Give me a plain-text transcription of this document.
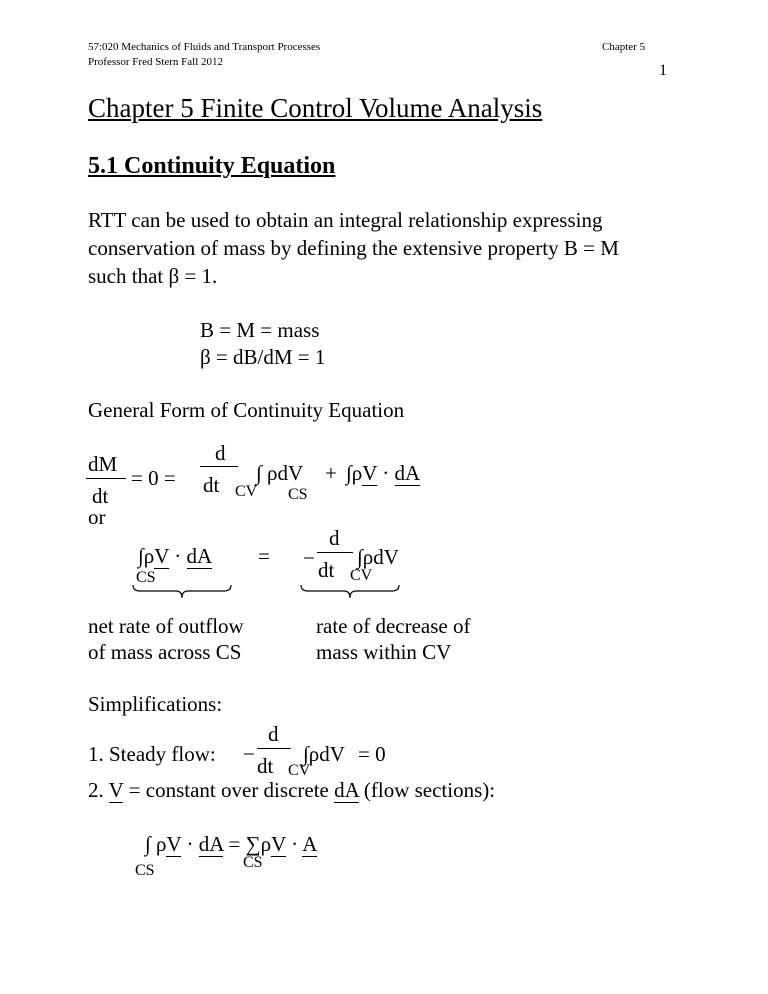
57:020 Mechanics of Fluids and Transport Processes
Professor Fred Stern Fall 2012
Chapter 5
1
Chapter 5 Finite Control Volume Analysis
5.1 Continuity Equation
RTT can be used to obtain an integral relationship expressing
conservation of mass by defining the extensive property B = M
such that β = 1.
B = M = mass
β = dB/dM = 1
General Form of Continuity Equation
dM
dt
= 0 =
d
dt CV
∫ ρdV + ∫ρV · dA
CS
or
∫ρV · dA
CS
= −
d
dt CV
∫ρdV
net rate of outflow
of mass across CS
rate of decrease of
mass within CV
Simplifications:
1. Steady flow: −
d
dt CV
∫ρdV = 0
2. V = constant over discrete dA (flow sections):
∫ ρV · dA = ∑ρV · A
CS	CS
